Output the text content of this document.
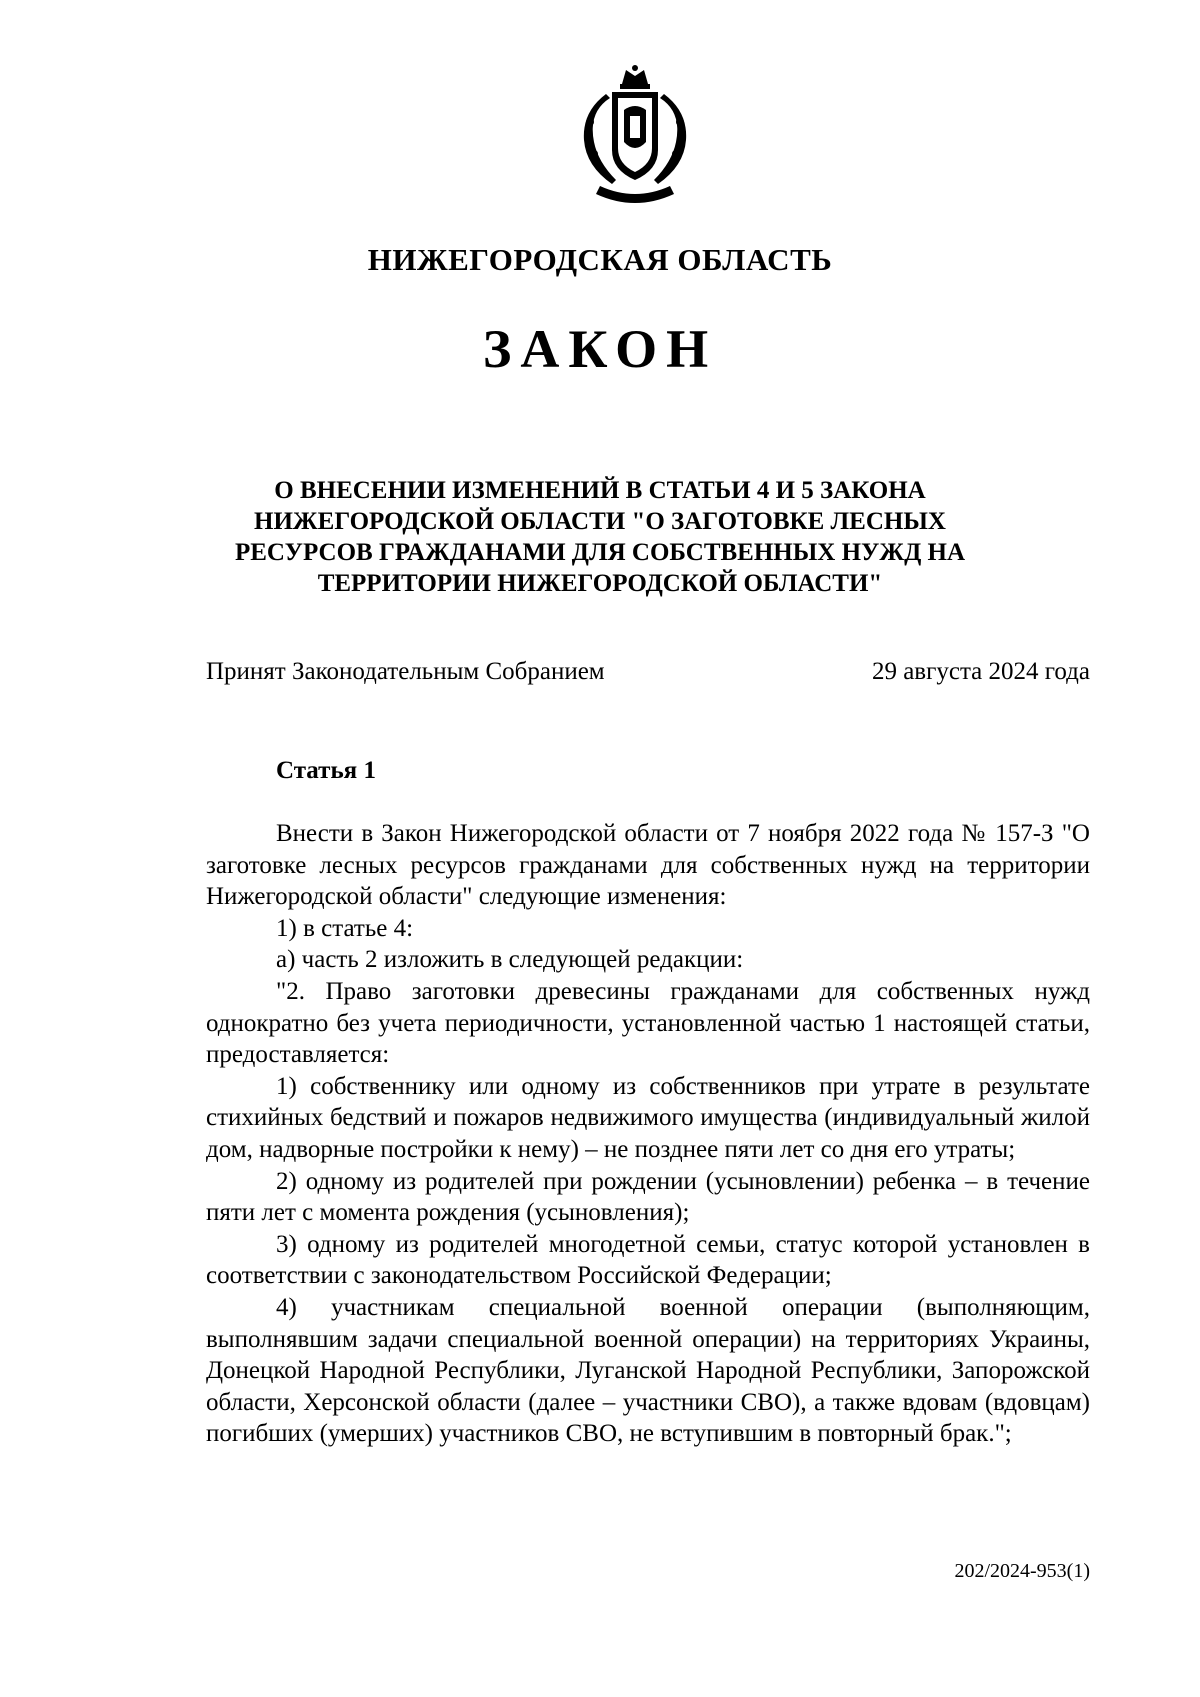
НИЖЕГОРОДСКАЯ ОБЛАСТЬ
ЗАКОН
О ВНЕСЕНИИ ИЗМЕНЕНИЙ В СТАТЬИ 4 И 5 ЗАКОНА НИЖЕГОРОДСКОЙ ОБЛАСТИ "О ЗАГОТОВКЕ ЛЕСНЫХ РЕСУРСОВ ГРАЖДАНАМИ ДЛЯ СОБСТВЕННЫХ НУЖД НА ТЕРРИТОРИИ НИЖЕГОРОДСКОЙ ОБЛАСТИ"
Принят Законодательным Собранием	29 августа 2024 года
Статья 1

Внести в Закон Нижегородской области от 7 ноября 2022 года № 157-З "О заготовке лесных ресурсов гражданами для собственных нужд на территории Нижегородской области" следующие изменения:

1) в статье 4:

а) часть 2 изложить в следующей редакции:

"2. Право заготовки древесины гражданами для собственных нужд однократно без учета периодичности, установленной частью 1 настоящей статьи, предоставляется:

1) собственнику или одному из собственников при утрате в результате стихийных бедствий и пожаров недвижимого имущества (индивидуальный жилой дом, надворные постройки к нему) – не позднее пяти лет со дня его утраты;

2) одному из родителей при рождении (усыновлении) ребенка – в течение пяти лет с момента рождения (усыновления);

3) одному из родителей многодетной семьи, статус которой установлен в соответствии с законодательством Российской Федерации;

4) участникам специальной военной операции (выполняющим, выполнявшим задачи специальной военной операции) на территориях Украины, Донецкой Народной Республики, Луганской Народной Республики, Запорожской области, Херсонской области (далее – участники СВО), а также вдовам (вдовцам) погибших (умерших) участников СВО, не вступившим в повторный брак.";

202/2024-953(1)
